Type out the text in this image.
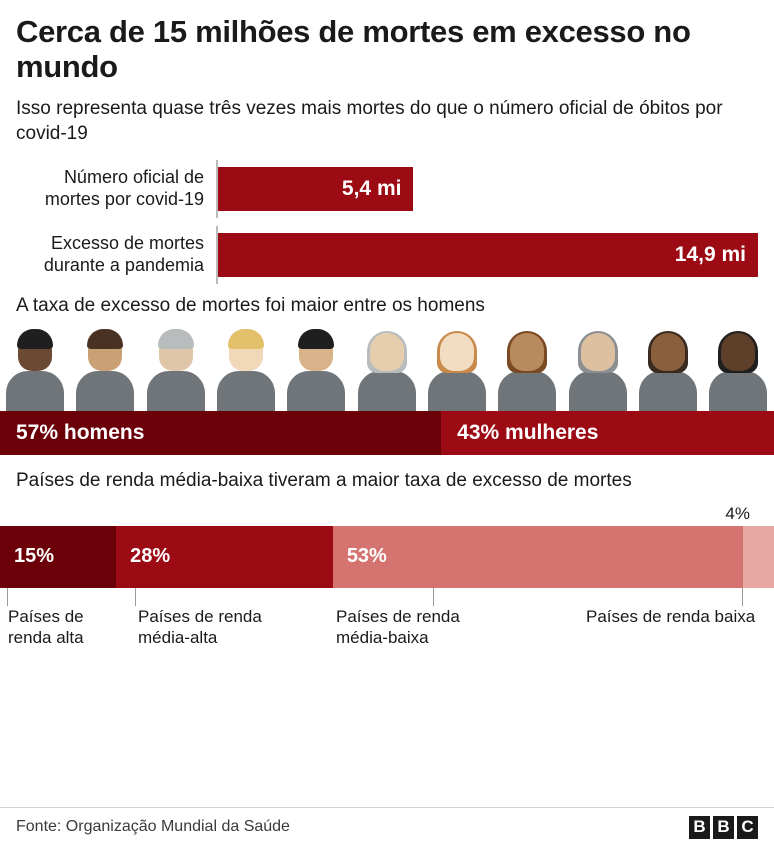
Cerca de 15 milhões de mortes em excesso no mundo

Isso representa quase três vezes mais mortes do que o número oficial de óbitos por covid-19

Número oficial de mortes por covid-19	5,4 mi
Excesso de mortes durante a pandemia	14,9 mi

A taxa de excesso de mortes foi maior entre os homens

57% homens	43% mulheres

Países de renda média-baixa tiveram a maior taxa de excesso de mortes

4%
15%	28%	53%
Países de renda alta
Países de renda média-alta
Países de renda média-baixa
Países de renda baixa
Fonte: Organização Mundial da Saúde	B B C
